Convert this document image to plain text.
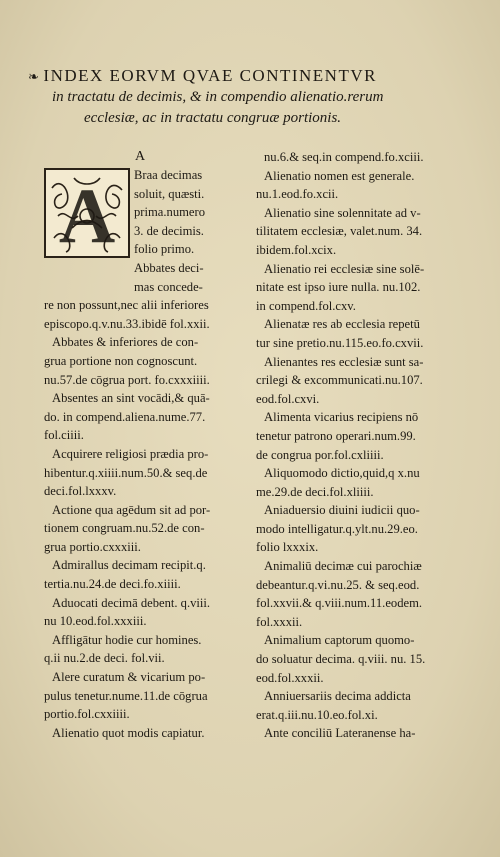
❧ INDEX EORVM QVAE CONTINENTVR
in tractatu de decimis, & in compendio alienatio.rerum
ecclesiæ, ac in tractatu congruæ portionis.
A
A Braa decimas
soluit, quæsti.
prima.numero
3. de decimis.
folio primo.
Abbates deci-
mas concede-
re non possunt,nec alii inferiores
episcopo.q.v.nu.33.ibidē fol.xxii.
Abbates & inferiores de con-
grua portione non cognoscunt.
nu.57.de cōgrua port. fo.cxxxiiii.
Absentes an sint vocādi,& quā-
do. in compend.aliena.nume.77.
fol.ciiii.
Acquirere religiosi prædia pro-
hibentur.q.xiiii.num.50.& seq.de
deci.fol.lxxxv.
Actione qua agēdum sit ad por-
tionem congruam.nu.52.de con-
grua portio.cxxxiii.
Admirallus decimam recipit.q.
tertia.nu.24.de deci.fo.xiiii.
Aduocati decimā debent. q.viii.
nu 10.eod.fol.xxxiii.
Affligātur hodie cur homines.
q.ii nu.2.de deci. fol.vii.
Alere curatum & vicarium po-
pulus tenetur.nume.11.de cōgrua
portio.fol.cxxiiii.
Alienatio quot modis capiatur.
nu.6.& seq.in compend.fo.xciii.
Alienatio nomen est generale.
nu.1.eod.fo.xcii.
Alienatio sine solennitate ad v-
tilitatem ecclesiæ, valet.num. 34.
ibidem.fol.xcix.
Alienatio rei ecclesiæ sine solē-
nitate est ipso iure nulla. nu.102.
in compend.fol.cxv.
Alienatæ res ab ecclesia repetū
tur sine pretio.nu.115.eo.fo.cxvii.
Alienantes res ecclesiæ sunt sa-
crilegi & excommunicati.nu.107.
eod.fol.cxvi.
Alimenta vicarius recipiens nō
tenetur patrono operari.num.99.
de congrua por.fol.cxliiii.
Aliquomodo dictio,quid,q x.nu
me.29.de deci.fol.xliiii.
Aniaduersio diuini iudicii quo-
modo intelligatur.q.ylt.nu.29.eo.
folio lxxxix.
Animaliū decimæ cui parochiæ
debeantur.q.vi.nu.25. & seq.eod.
fol.xxvii.& q.viii.num.11.eodem.
fol.xxxii.
Animalium captorum quomo-
do soluatur decima. q.viii. nu. 15.
eod.fol.xxxii.
Anniuersariis decima addicta
erat.q.iii.nu.10.eo.fol.xi.
Ante conciliū Lateranense ha-
